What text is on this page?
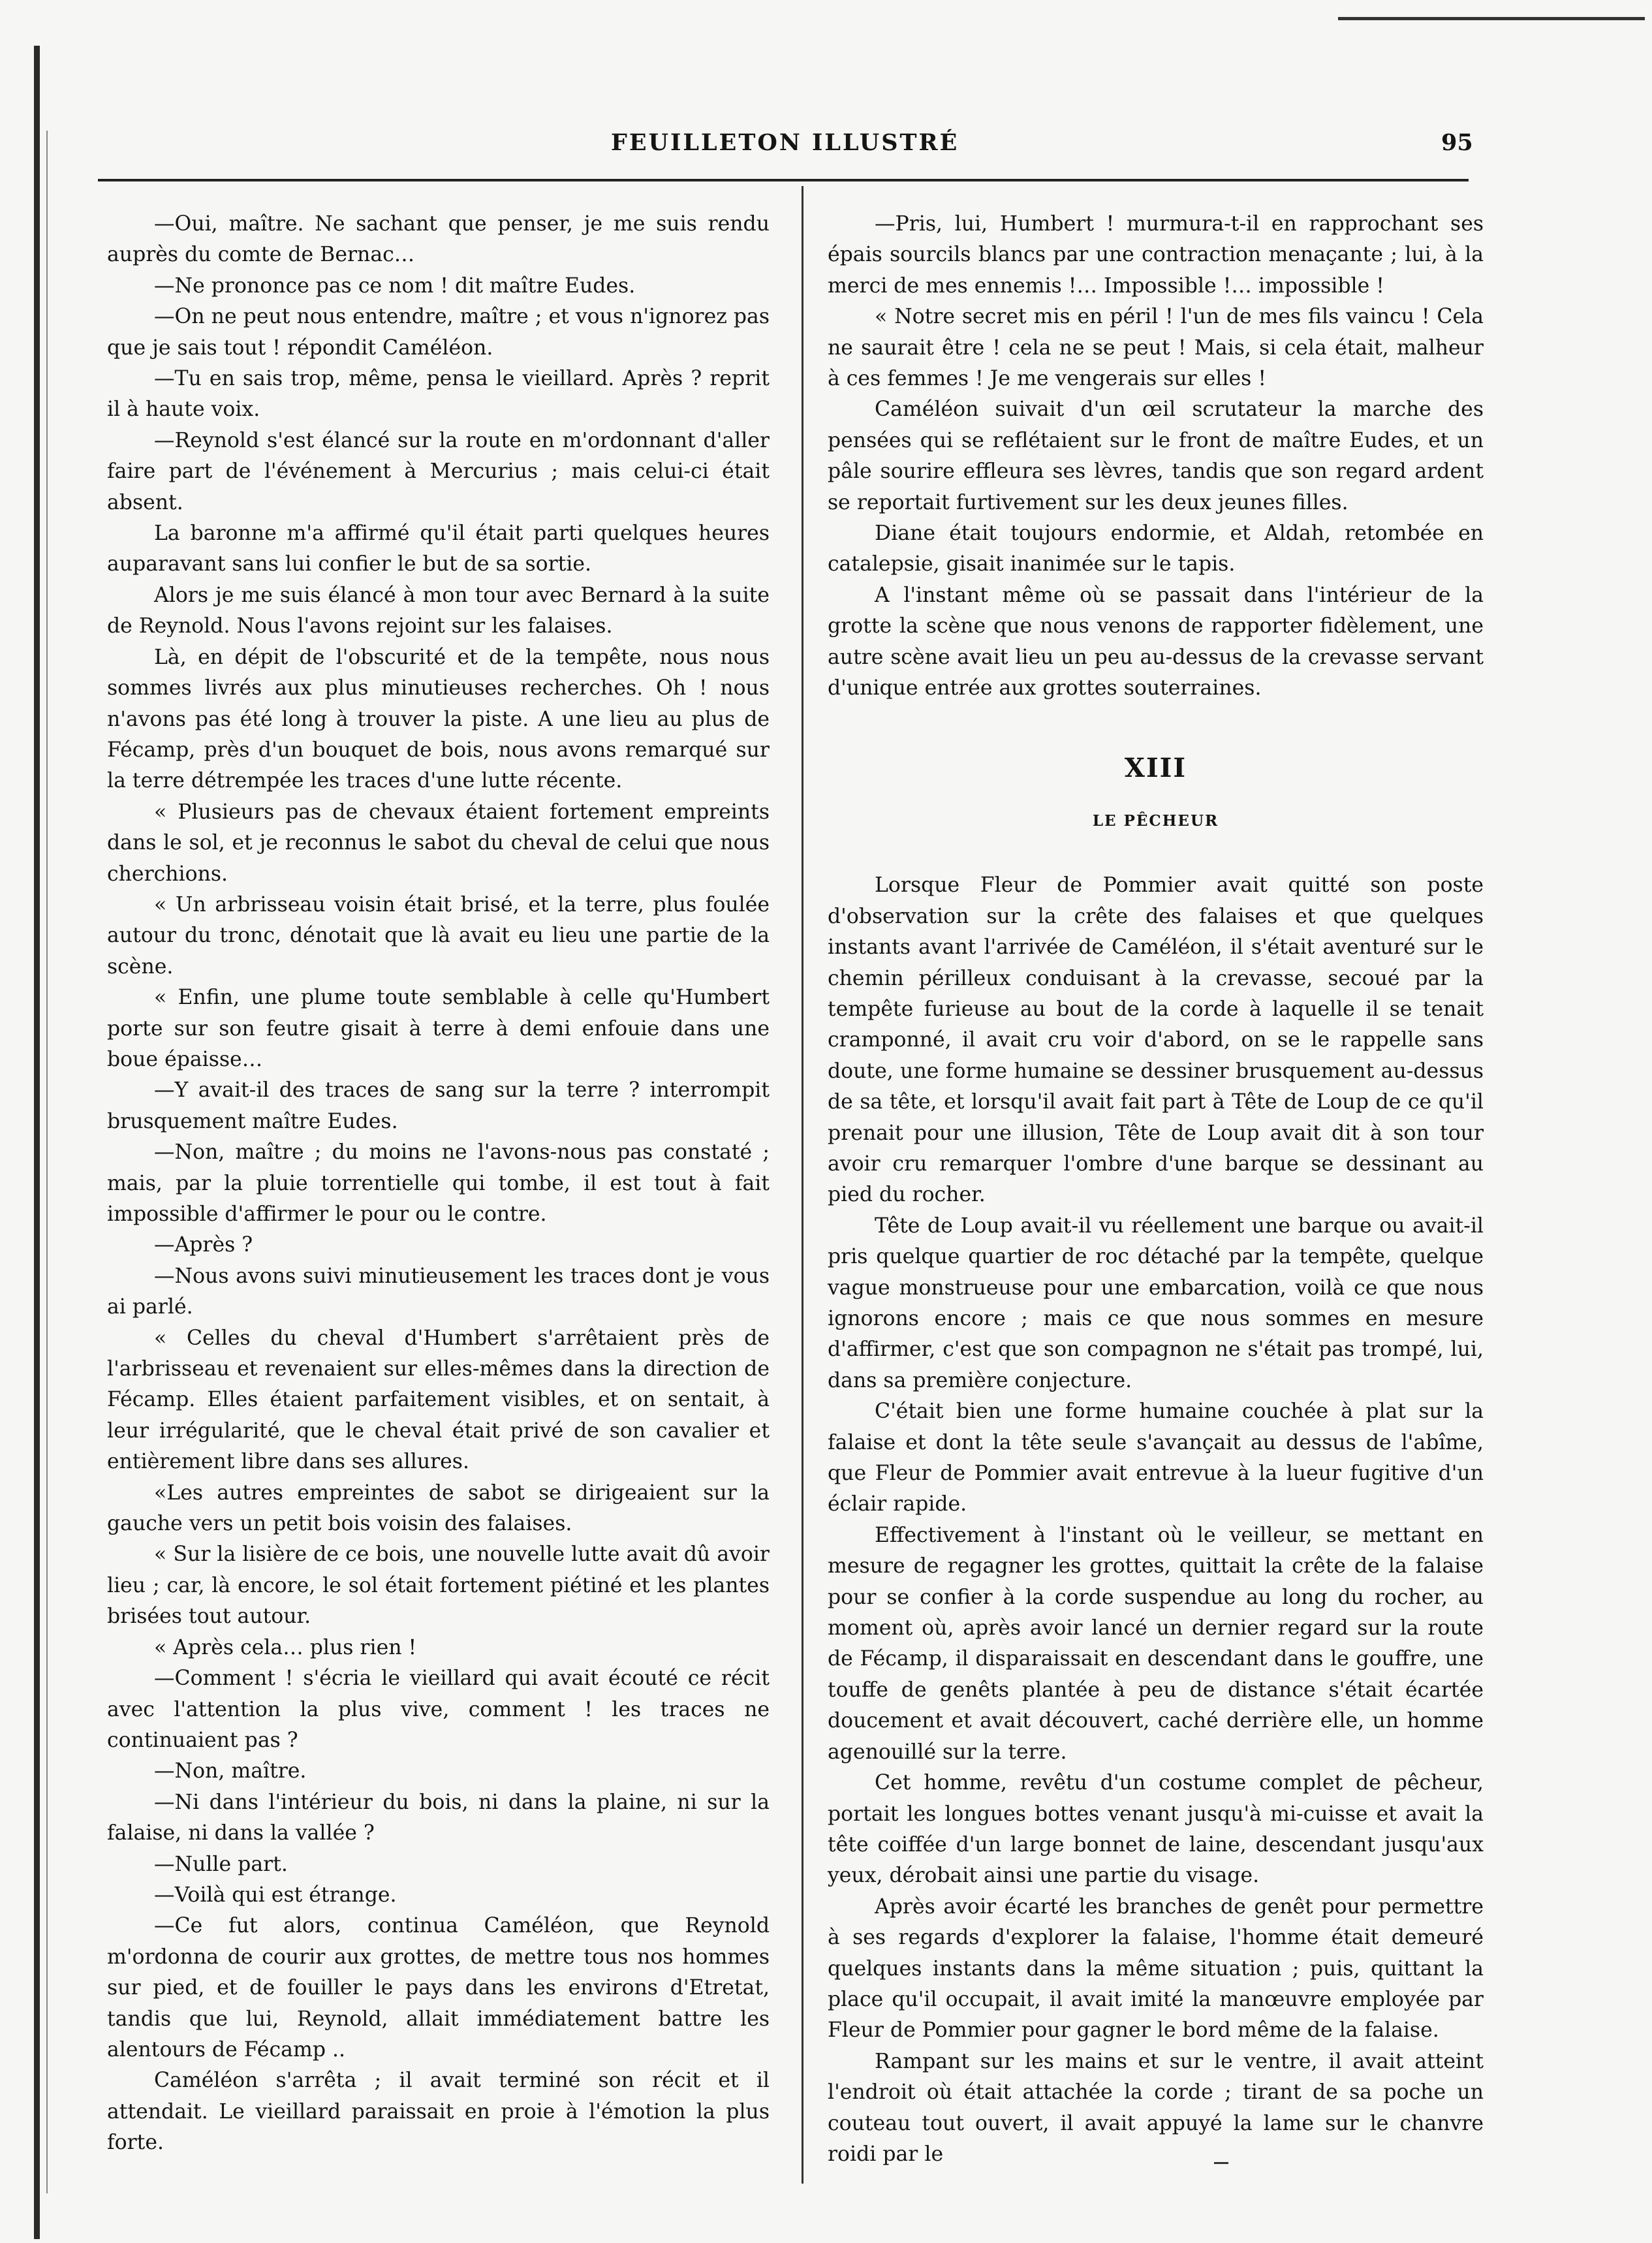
FEUILLETON ILLUSTRÉ	95

—Oui, maître. Ne sachant que penser, je me suis rendu auprès du comte de Bernac…

—Ne prononce pas ce nom ! dit maître Eudes.

—On ne peut nous entendre, maître ; et vous n'ignorez pas que je sais tout ! répondit Caméléon.

—Tu en sais trop, même, pensa le vieillard. Après ? reprit il à haute voix.

—Reynold s'est élancé sur la route en m'ordonnant d'aller faire part de l'événement à Mercurius ; mais celui-ci était absent.

La baronne m'a affirmé qu'il était parti quelques heures auparavant sans lui confier le but de sa sortie.

Alors je me suis élancé à mon tour avec Bernard à la suite de Reynold. Nous l'avons rejoint sur les falaises.

Là, en dépit de l'obscurité et de la tempête, nous nous sommes livrés aux plus minutieuses recherches. Oh ! nous n'avons pas été long à trouver la piste. A une lieu au plus de Fécamp, près d'un bouquet de bois, nous avons remarqué sur la terre détrempée les traces d'une lutte récente.

« Plusieurs pas de chevaux étaient fortement empreints dans le sol, et je reconnus le sabot du cheval de celui que nous cherchions.

« Un arbrisseau voisin était brisé, et la terre, plus foulée autour du tronc, dénotait que là avait eu lieu une partie de la scène.

« Enfin, une plume toute semblable à celle qu'Humbert porte sur son feutre gisait à terre à demi enfouie dans une boue épaisse…

—Y avait-il des traces de sang sur la terre ? interrompit brusquement maître Eudes.

—Non, maître ; du moins ne l'avons-nous pas constaté ; mais, par la pluie torrentielle qui tombe, il est tout à fait impossible d'affirmer le pour ou le contre.

—Après ?

—Nous avons suivi minutieusement les traces dont je vous ai parlé.

« Celles du cheval d'Humbert s'arrêtaient près de l'arbrisseau et revenaient sur elles-mêmes dans la direction de Fécamp. Elles étaient parfaitement visibles, et on sentait, à leur irrégularité, que le cheval était privé de son cavalier et entièrement libre dans ses allures.

«Les autres empreintes de sabot se dirigeaient sur la gauche vers un petit bois voisin des falaises.

« Sur la lisière de ce bois, une nouvelle lutte avait dû avoir lieu ; car, là encore, le sol était fortement piétiné et les plantes brisées tout autour.

« Après cela… plus rien !

—Comment ! s'écria le vieillard qui avait écouté ce récit avec l'attention la plus vive, comment ! les traces ne continuaient pas ?

—Non, maître.

—Ni dans l'intérieur du bois, ni dans la plaine, ni sur la falaise, ni dans la vallée ?

—Nulle part.

—Voilà qui est étrange.

—Ce fut alors, continua Caméléon, que Reynold m'ordonna de courir aux grottes, de mettre tous nos hommes sur pied, et de fouiller le pays dans les environs d'Etretat, tandis que lui, Reynold, allait immédiatement battre les alentours de Fécamp ..

Caméléon s'arrêta ; il avait terminé son récit et il attendait. Le vieillard paraissait en proie à l'émotion la plus forte.

—Pris, lui, Humbert ! murmura-t-il en rapprochant ses épais sourcils blancs par une contraction menaçante ; lui, à la merci de mes ennemis !… Impossible !… impossible !

« Notre secret mis en péril ! l'un de mes fils vaincu ! Cela ne saurait être ! cela ne se peut ! Mais, si cela était, malheur à ces femmes ! Je me vengerais sur elles !

Caméléon suivait d'un œil scrutateur la marche des pensées qui se reflétaient sur le front de maître Eudes, et un pâle sourire effleura ses lèvres, tandis que son regard ardent se reportait furtivement sur les deux jeunes filles.

Diane était toujours endormie, et Aldah, retombée en catalepsie, gisait inanimée sur le tapis.

A l'instant même où se passait dans l'intérieur de la grotte la scène que nous venons de rapporter fidèlement, une autre scène avait lieu un peu au-dessus de la crevasse servant d'unique entrée aux grottes souterraines.

XIII
LE PÊCHEUR

Lorsque Fleur de Pommier avait quitté son poste d'observation sur la crête des falaises et que quelques instants avant l'arrivée de Caméléon, il s'était aventuré sur le chemin périlleux conduisant à la crevasse, secoué par la tempête furieuse au bout de la corde à laquelle il se tenait cramponné, il avait cru voir d'abord, on se le rappelle sans doute, une forme humaine se dessiner brusquement au-dessus de sa tête, et lorsqu'il avait fait part à Tête de Loup de ce qu'il prenait pour une illusion, Tête de Loup avait dit à son tour avoir cru remarquer l'ombre d'une barque se dessinant au pied du rocher.

Tête de Loup avait-il vu réellement une barque ou avait-il pris quelque quartier de roc détaché par la tempête, quelque vague monstrueuse pour une embarcation, voilà ce que nous ignorons encore ; mais ce que nous sommes en mesure d'affirmer, c'est que son compagnon ne s'était pas trompé, lui, dans sa première conjecture.

C'était bien une forme humaine couchée à plat sur la falaise et dont la tête seule s'avançait au dessus de l'abîme, que Fleur de Pommier avait entrevue à la lueur fugitive d'un éclair rapide.

Effectivement à l'instant où le veilleur, se mettant en mesure de regagner les grottes, quittait la crête de la falaise pour se confier à la corde suspendue au long du rocher, au moment où, après avoir lancé un dernier regard sur la route de Fécamp, il disparaissait en descendant dans le gouffre, une touffe de genêts plantée à peu de distance s'était écartée doucement et avait découvert, caché derrière elle, un homme agenouillé sur la terre.

Cet homme, revêtu d'un costume complet de pêcheur, portait les longues bottes venant jusqu'à mi-cuisse et avait la tête coiffée d'un large bonnet de laine, descendant jusqu'aux yeux, dérobait ainsi une partie du visage.

Après avoir écarté les branches de genêt pour permettre à ses regards d'explorer la falaise, l'homme était demeuré quelques instants dans la même situation ; puis, quittant la place qu'il occupait, il avait imité la manœuvre employée par Fleur de Pommier pour gagner le bord même de la falaise.

Rampant sur les mains et sur le ventre, il avait atteint l'endroit où était attachée la corde ; tirant de sa poche un couteau tout ouvert, il avait appuyé la lame sur le chanvre roidi par le
